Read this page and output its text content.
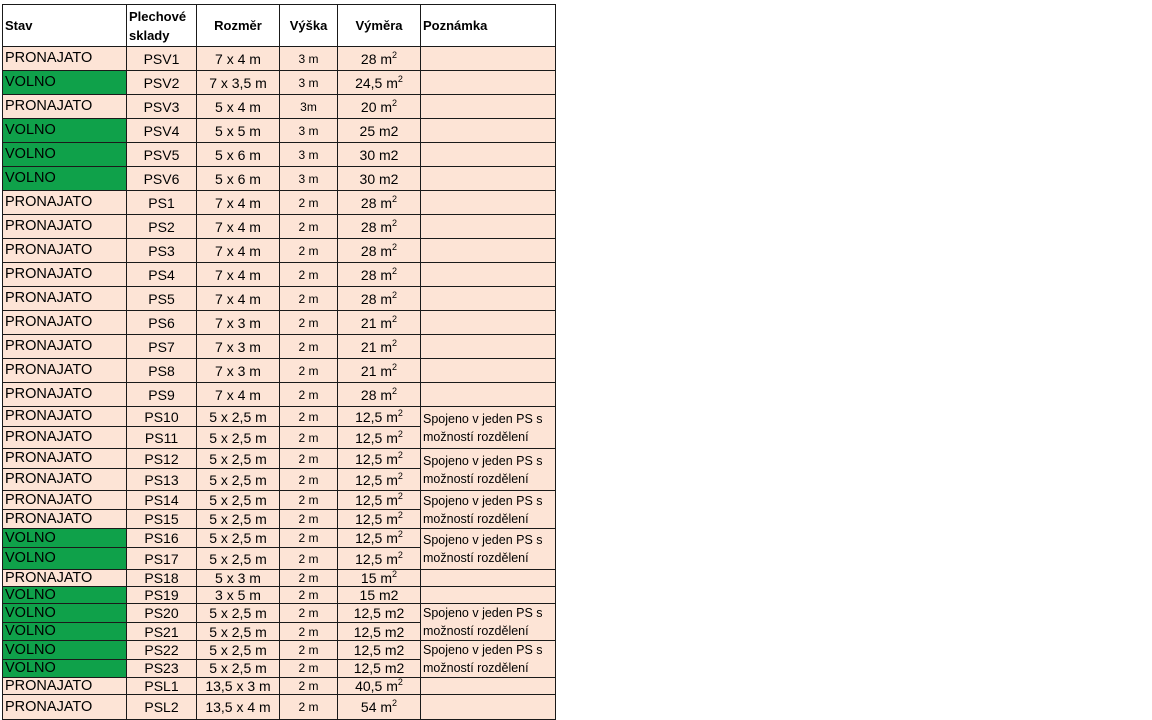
Stav	Plechové sklady	Rozměr	Výška	Výměra	Poznámka
PRONAJATO	PSV1	7 x 4 m	3 m	28 $m^2$	
VOLNO	PSV2	7 x 3,5 m	3 m	24,5 $m^2$	
PRONAJATO	PSV3	5 x 4 m	3m	20 $m^2$	
VOLNO	PSV4	5 x 5 m	3 m	25 m2	
VOLNO	PSV5	5 x 6 m	3 m	30 m2	
VOLNO	PSV6	5 x 6 m	3 m	30 m2	
PRONAJATO	PS1	7 x 4 m	2 m	28 $m^2$	
PRONAJATO	PS2	7 x 4 m	2 m	28 $m^2$	
PRONAJATO	PS3	7 x 4 m	2 m	28 $m^2$	
PRONAJATO	PS4	7 x 4 m	2 m	28 $m^2$	
PRONAJATO	PS5	7 x 4 m	2 m	28 $m^2$	
PRONAJATO	PS6	7 x 3 m	2 m	21 $m^2$	
PRONAJATO	PS7	7 x 3 m	2 m	21 $m^2$	
PRONAJATO	PS8	7 x 3 m	2 m	21 $m^2$	
PRONAJATO	PS9	7 x 4 m	2 m	28 $m^2$	
PRONAJATO	PS10	5 x 2,5 m	2 m	12,5 $m^2$	Spojeno v jeden PS s
možností rozdělení

PRONAJATO	PS11	5 x 2,5 m	2 m	12,5 $m^2$
PRONAJATO	PS12	5 x 2,5 m	2 m	12,5 $m^2$	Spojeno v jeden PS s
možností rozdělení

PRONAJATO	PS13	5 x 2,5 m	2 m	12,5 $m^2$
PRONAJATO	PS14	5 x 2,5 m	2 m	12,5 $m^2$	Spojeno v jeden PS s
možností rozdělení

PRONAJATO	PS15	5 x 2,5 m	2 m	12,5 $m^2$
VOLNO	PS16	5 x 2,5 m	2 m	12,5 $m^2$	Spojeno v jeden PS s
možností rozdělení

VOLNO	PS17	5 x 2,5 m	2 m	12,5 $m^2$
PRONAJATO	PS18	5 x 3 m	2 m	15 $m^2$	
VOLNO	PS19	3 x 5 m	2 m	15 m2	
VOLNO	PS20	5 x 2,5 m	2 m	12,5 m2	Spojeno v jeden PS s
možností rozdělení

VOLNO	PS21	5 x 2,5 m	2 m	12,5 m2	
VOLNO	PS22	5 x 2,5 m	2 m	12,5 m2	Spojeno v jeden PS s
možností rozdělení

VOLNO	PS23	5 x 2,5 m	2 m	12,5 m2	
PRONAJATO	PSL1	13,5 x 3 m	2 m	40,5 $m^2$	
PRONAJATO	PSL2	13,5 x 4 m	2 m	54 $m^2$	
